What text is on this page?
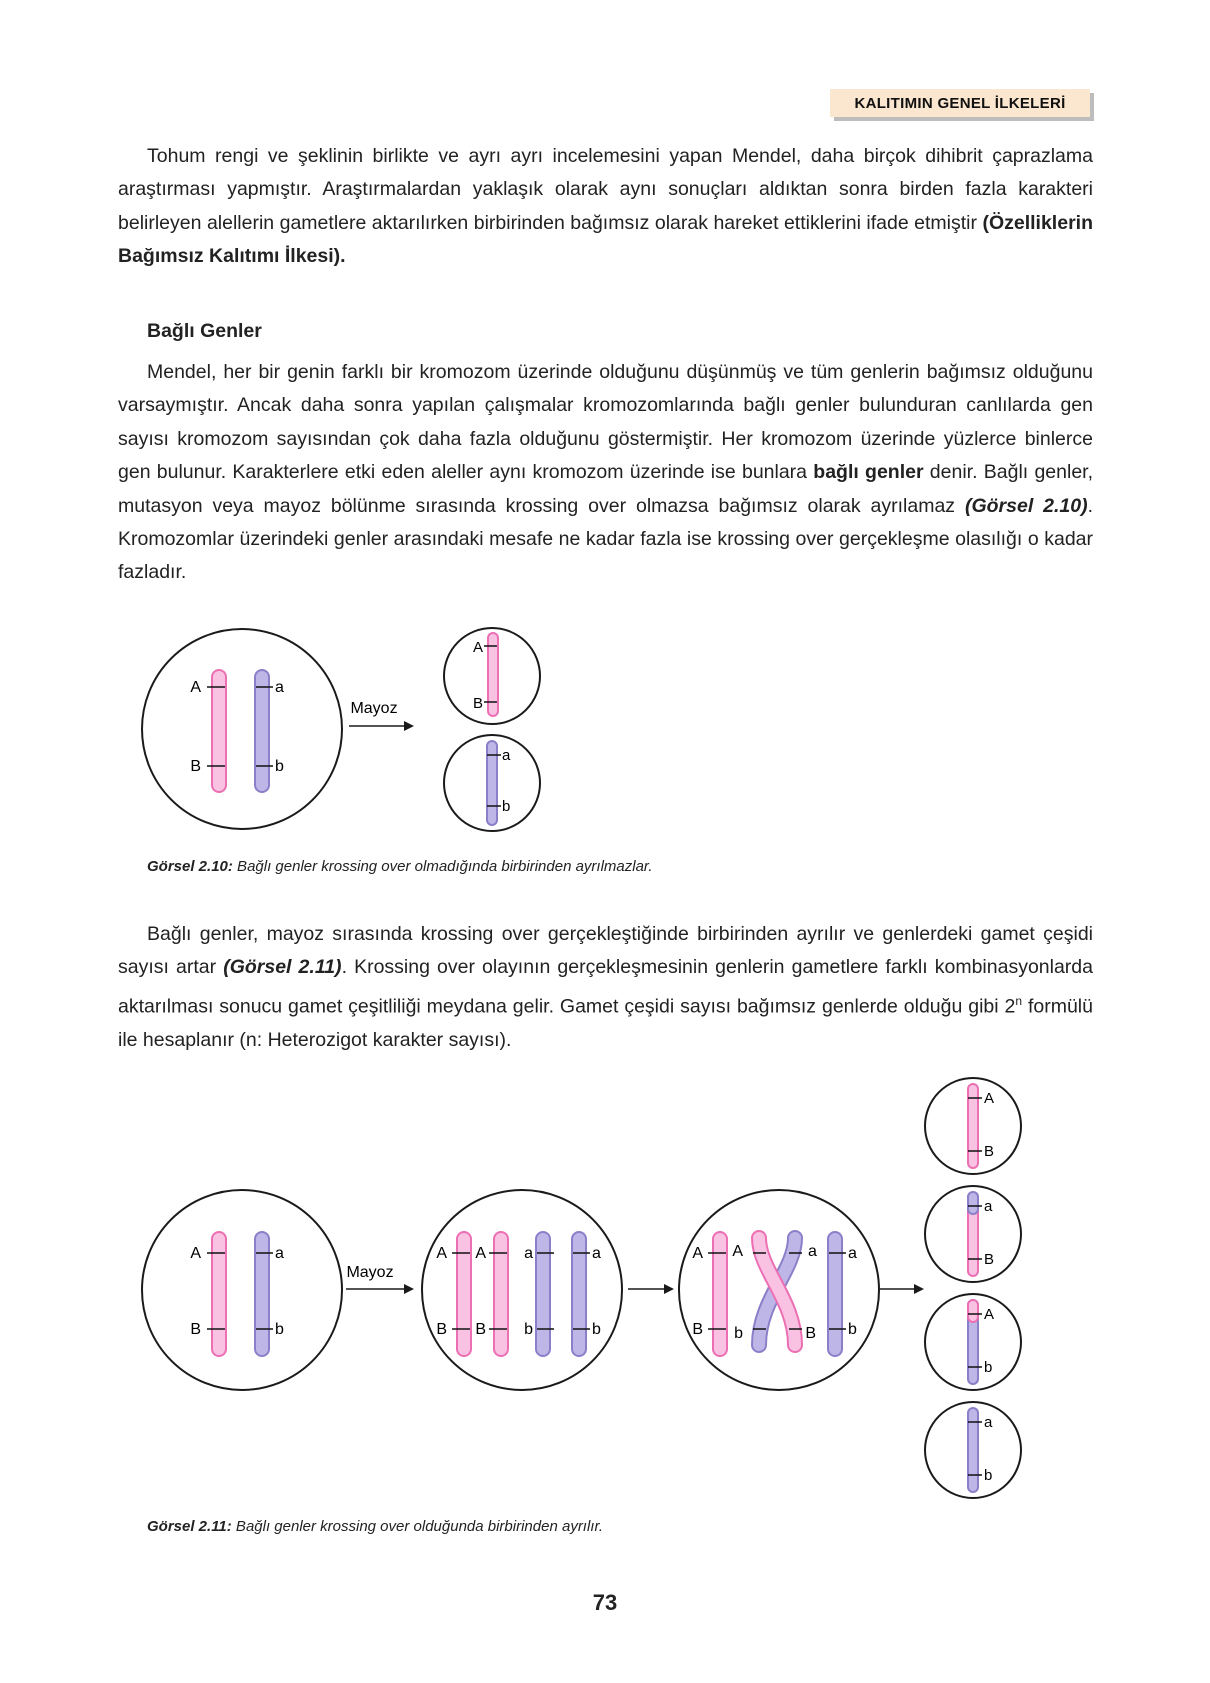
KALITIMIN GENEL İLKELERİ

Tohum rengi ve şeklinin birlikte ve ayrı ayrı incelemesini yapan Mendel, daha birçok dihibrit çaprazlama araştırması yapmıştır. Araştırmalardan yaklaşık olarak aynı sonuçları aldıktan sonra birden fazla karakteri belirleyen alellerin gametlere aktarılırken birbirinden bağımsız olarak hareket ettiklerini ifade etmiştir (Özelliklerin Bağımsız Kalıtımı İlkesi).

Bağlı Genler

Mendel, her bir genin farklı bir kromozom üzerinde olduğunu düşünmüş ve tüm genlerin bağımsız olduğunu varsaymıştır. Ancak daha sonra yapılan çalışmalar kromozomlarında bağlı genler bulunduran canlılarda gen sayısı kromozom sayısından çok daha fazla olduğunu göstermiştir. Her kromozom üzerinde yüzlerce binlerce gen bulunur. Karakterlere etki eden aleller aynı kromozom üzerinde ise bunlara bağlı genler denir. Bağlı genler, mutasyon veya mayoz bölünme sırasında krossing over olmazsa bağımsız olarak ayrılamaz (Görsel 2.10). Kromozomlar üzerindeki genler arasındaki mesafe ne kadar fazla ise krossing over gerçekleşme olasılığı o kadar fazladır.

A
B
a
b
Mayoz
A
B
a
b
Görsel 2.10: Bağlı genler krossing over olmadığında birbirinden ayrılmazlar.

Bağlı genler, mayoz sırasında krossing over gerçekleştiğinde birbirinden ayrılır ve genlerdeki gamet çeşidi sayısı artar (Görsel 2.11). Krossing over olayının gerçekleşmesinin genlerin gametlere farklı kombinasyonlarda aktarılması sonucu gamet çeşitliliği meydana gelir. Gamet çeşidi sayısı bağımsız genlerde olduğu gibi 2$^n$ formülü ile hesaplanır (n: Heterozigot karakter sayısı).

A
B
a
b
Mayoz
A A
B B
a	a
b	b
A A
B b
a
B
a
b
A
B
a
B
A
b
a
b
Görsel 2.11: Bağlı genler krossing over olduğunda birbirinden ayrılır.
73
